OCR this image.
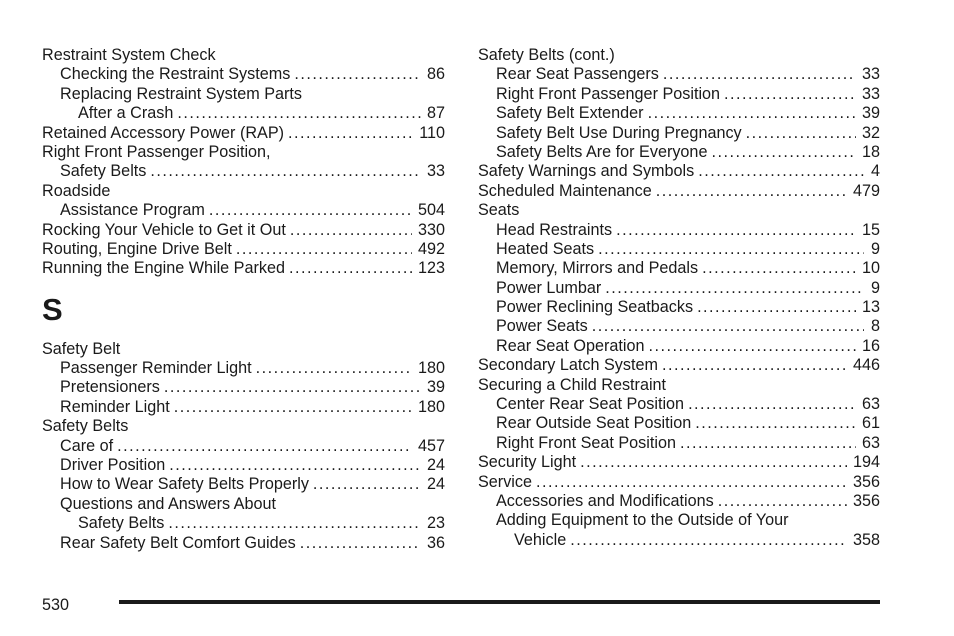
Restraint System Check
Checking the Restraint Systems .....	86
Replacing Restraint System Parts
After a Crash .....	87
Retained Accessory Power (RAP) .....	110
Right Front Passenger Position,
Safety Belts .....	33
Roadside
Assistance Program .....	504
Rocking Your Vehicle to Get it Out .....	330
Routing, Engine Drive Belt .....	492
Running the Engine While Parked .....	123
S
Safety Belt
Passenger Reminder Light .....	180
Pretensioners .....	39
Reminder Light .....	180
Safety Belts
Care of .....	457
Driver Position .....	24
How to Wear Safety Belts Properly .....	24
Questions and Answers About
Safety Belts .....	23
Rear Safety Belt Comfort Guides .....	36
Safety Belts (cont.)
Rear Seat Passengers .....	33
Right Front Passenger Position .....	33
Safety Belt Extender .....	39
Safety Belt Use During Pregnancy .....	32
Safety Belts Are for Everyone .....	18
Safety Warnings and Symbols .....	4
Scheduled Maintenance .....	479
Seats
Head Restraints .....	15
Heated Seats .....	9
Memory, Mirrors and Pedals .....	10
Power Lumbar .....	9
Power Reclining Seatbacks .....	13
Power Seats .....	8
Rear Seat Operation .....	16
Secondary Latch System .....	446
Securing a Child Restraint
Center Rear Seat Position .....	63
Rear Outside Seat Position .....	61
Right Front Seat Position .....	63
Security Light .....	194
Service .....	356
Accessories and Modifications .....	356
Adding Equipment to the Outside of Your
Vehicle .....	358
530
